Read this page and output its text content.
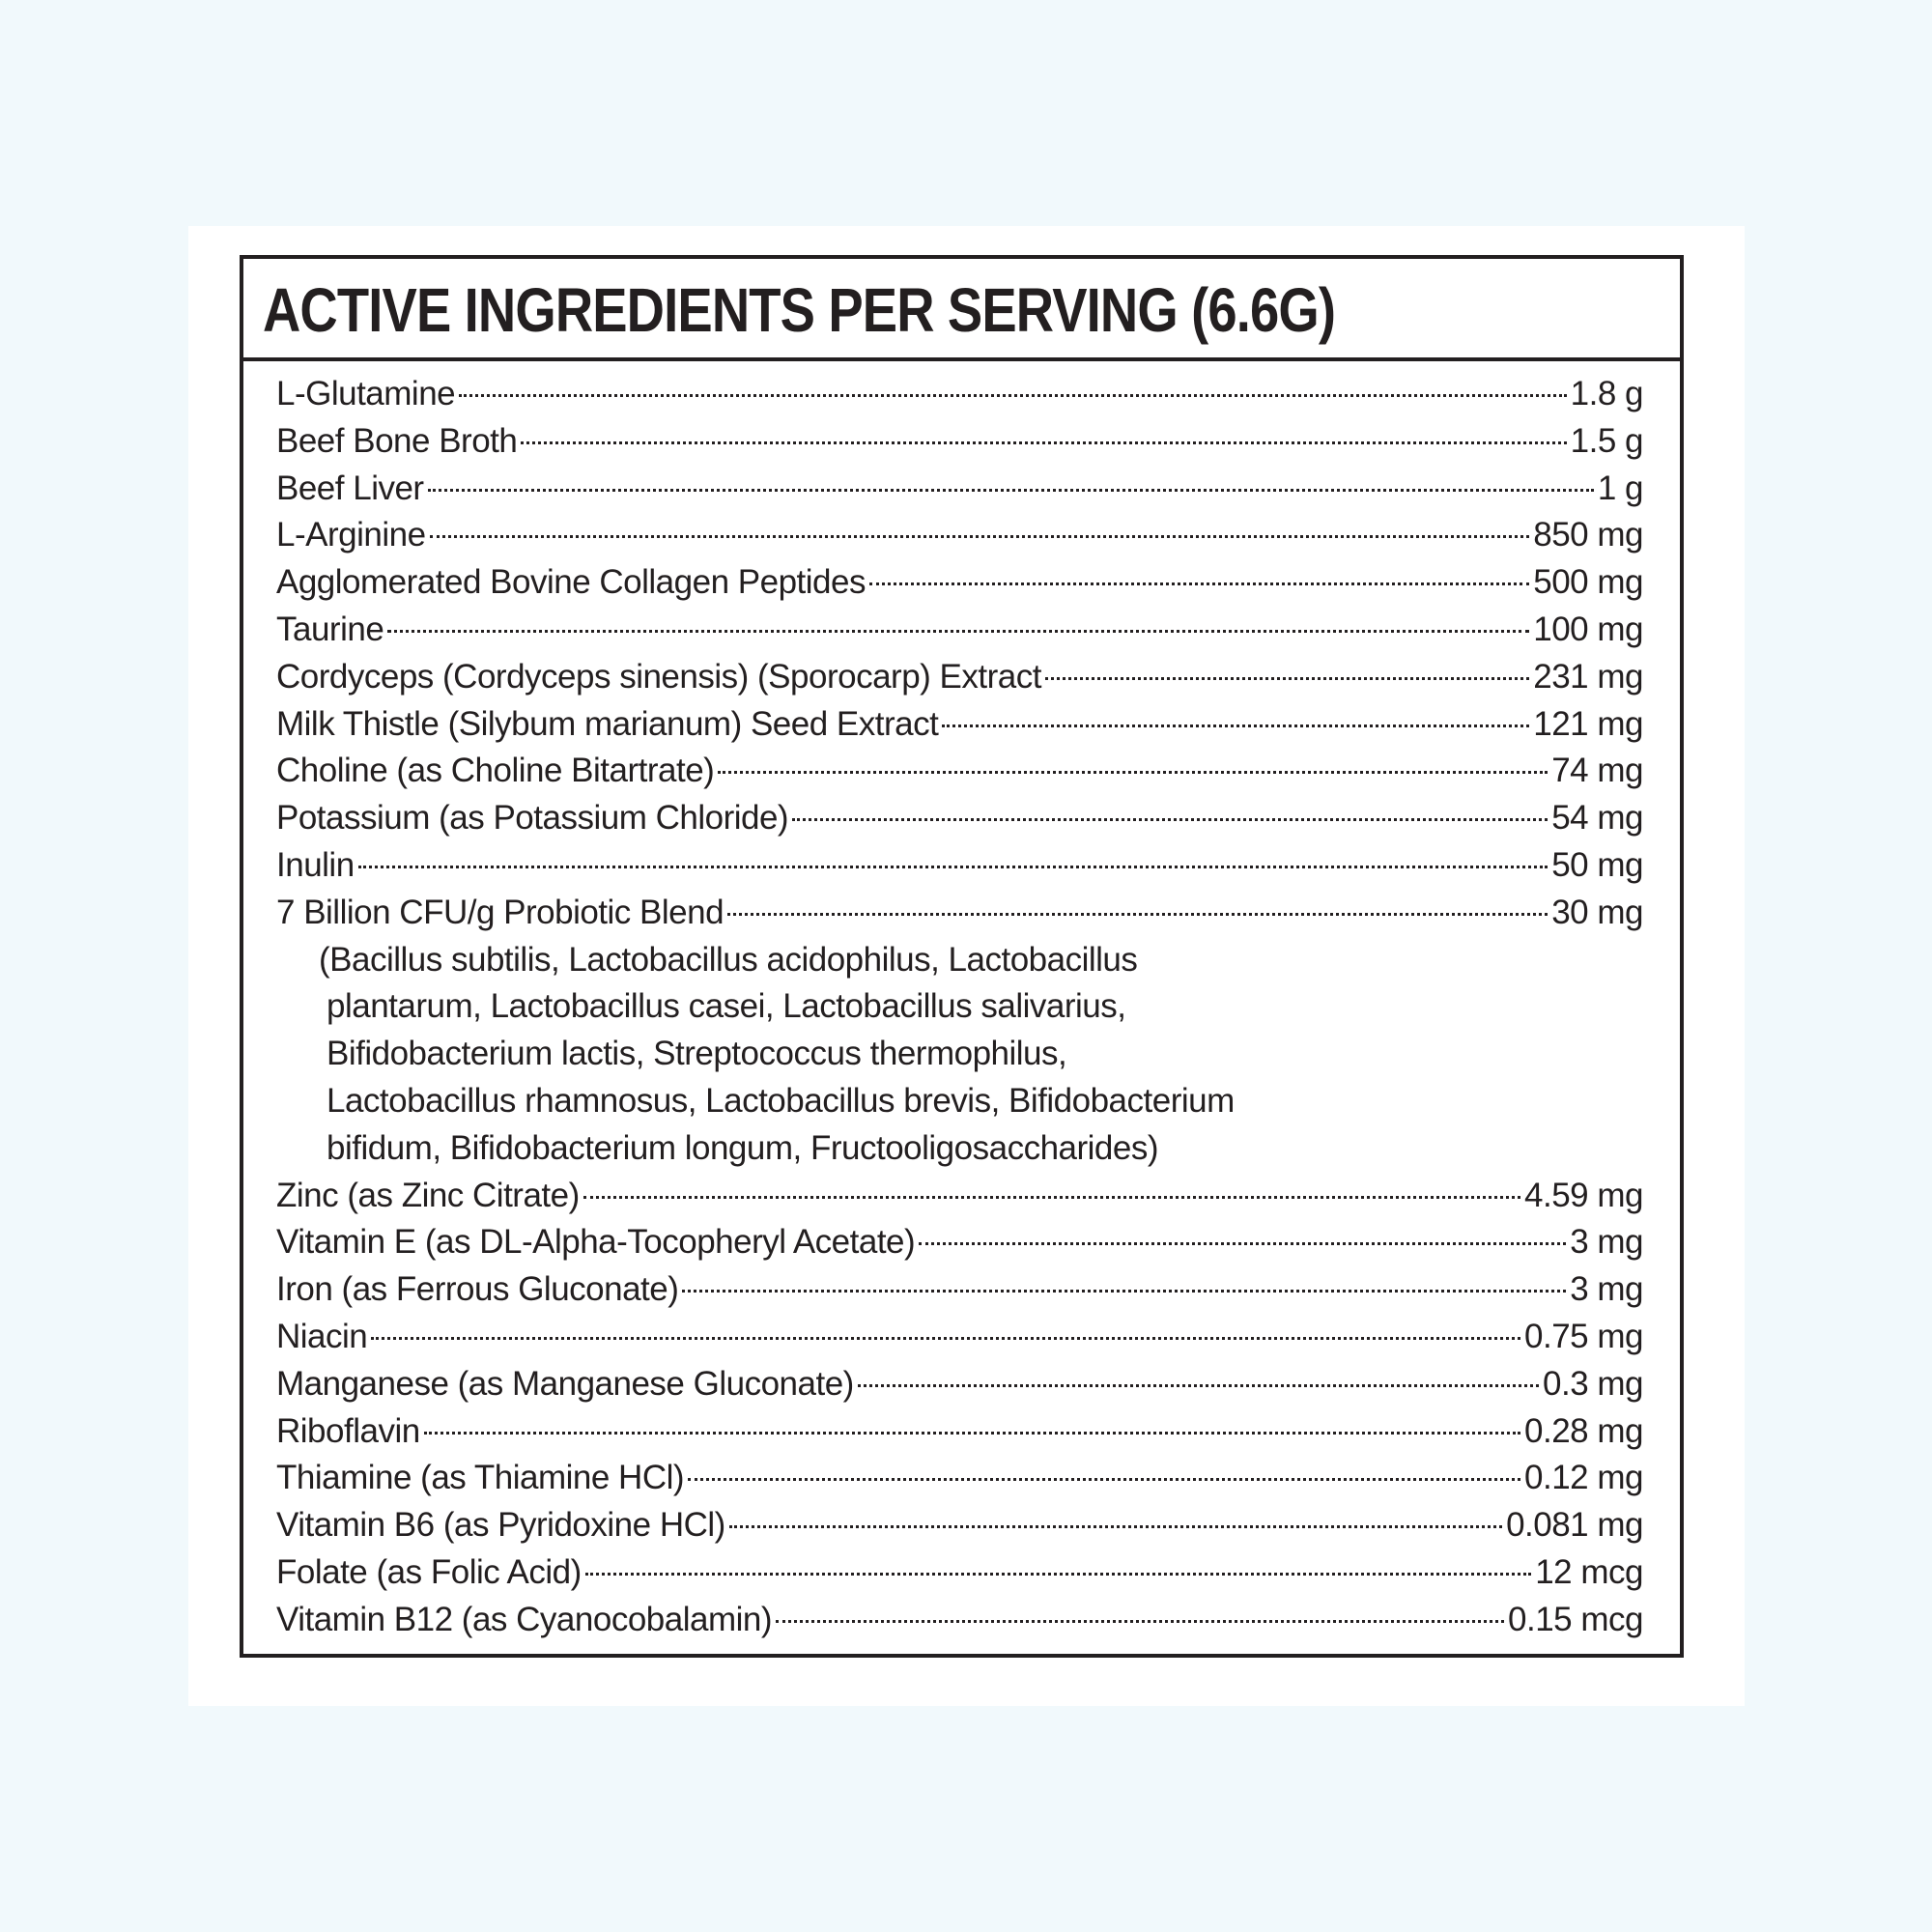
ACTIVE INGREDIENTS PER SERVING (6.6G)
L-Glutamine	1.8 g
Beef Bone Broth	1.5 g
Beef Liver	1 g
L-Arginine	850 mg
Agglomerated Bovine Collagen Peptides	500 mg
Taurine	100 mg
Cordyceps (Cordyceps sinensis) (Sporocarp) Extract	231 mg
Milk Thistle (Silybum marianum) Seed Extract	121 mg
Choline (as Choline Bitartrate)	74 mg
Potassium (as Potassium Chloride)	54 mg
Inulin	50 mg
7 Billion CFU/g Probiotic Blend	30 mg
(Bacillus subtilis, Lactobacillus acidophilus, Lactobacillus
plantarum, Lactobacillus casei, Lactobacillus salivarius,
Bifidobacterium lactis, Streptococcus thermophilus,
Lactobacillus rhamnosus, Lactobacillus brevis, Bifidobacterium
bifidum, Bifidobacterium longum, Fructooligosaccharides)
Zinc (as Zinc Citrate)	4.59 mg
Vitamin E (as DL-Alpha-Tocopheryl Acetate)	3 mg
Iron (as Ferrous Gluconate)	3 mg
Niacin	0.75 mg
Manganese (as Manganese Gluconate)	0.3 mg
Riboflavin	0.28 mg
Thiamine (as Thiamine HCl)	0.12 mg
Vitamin B6 (as Pyridoxine HCl)	0.081 mg
Folate (as Folic Acid)	12 mcg
Vitamin B12 (as Cyanocobalamin)	0.15 mcg
